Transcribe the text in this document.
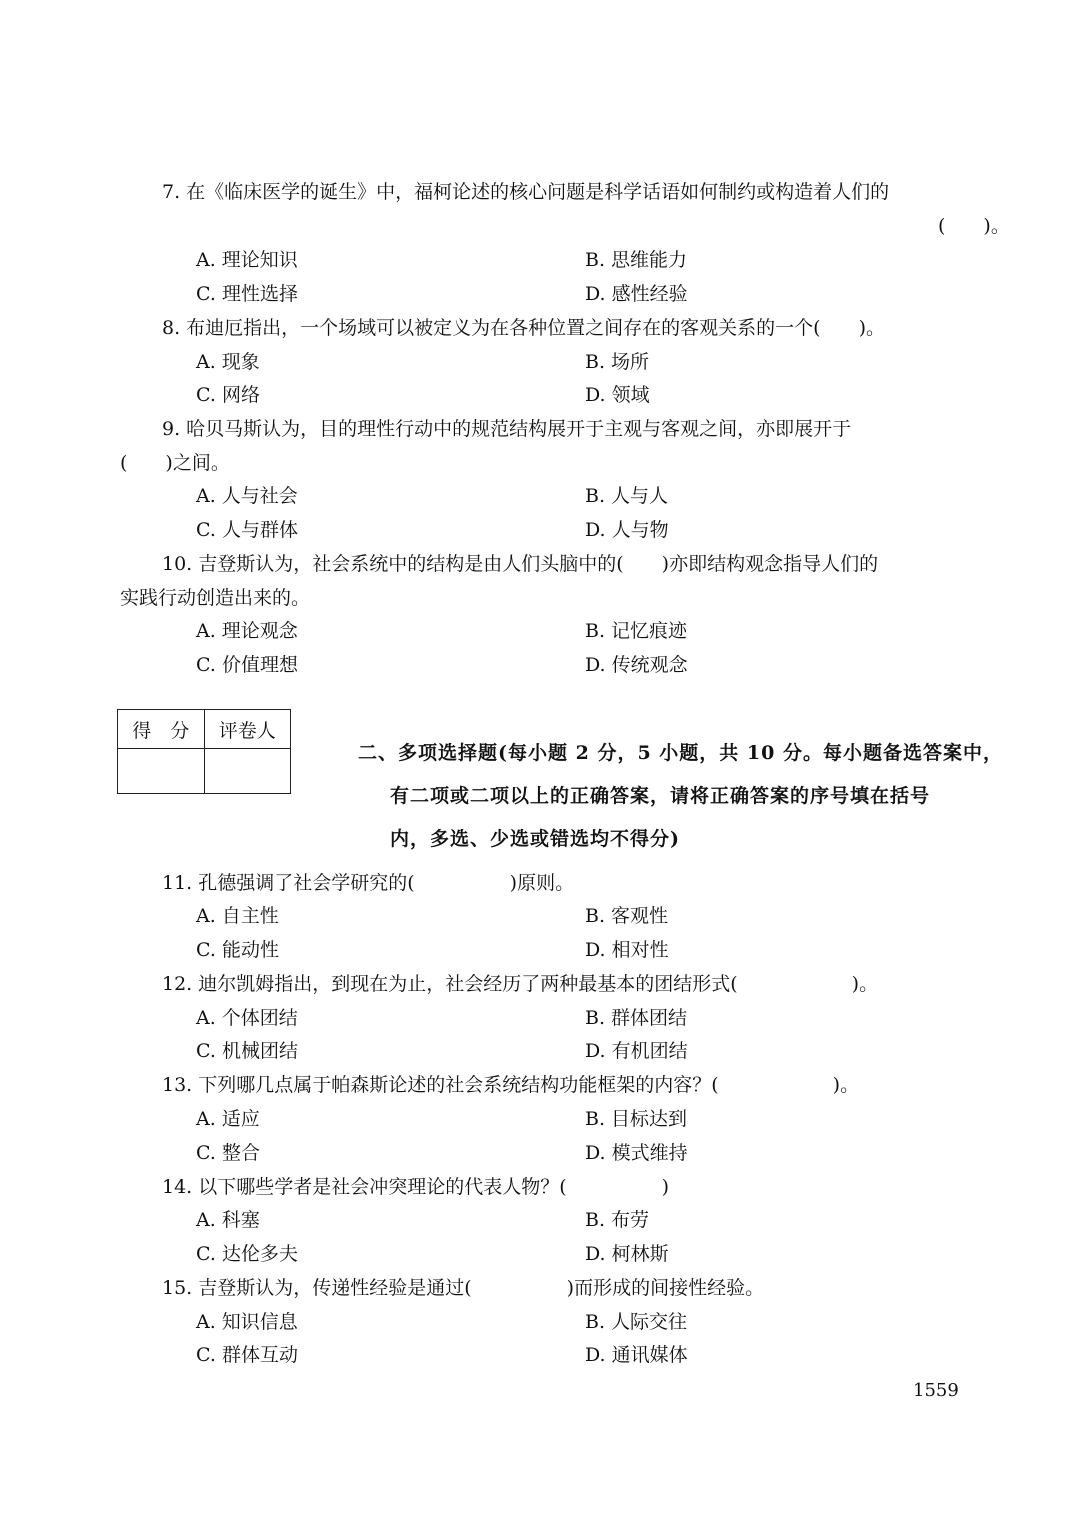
7. 在《临床医学的诞生》中，福柯论述的核心问题是科学话语如何制约或构造着人们的
(　　)。
A. 理论知识	B. 思维能力
C. 理性选择	D. 感性经验
8. 布迪厄指出，一个场域可以被定义为在各种位置之间存在的客观关系的一个(　　)。
A. 现象	B. 场所
C. 网络	D. 领域
9. 哈贝马斯认为，目的理性行动中的规范结构展开于主观与客观之间，亦即展开于
(　　)之间。
A. 人与社会	B. 人与人
C. 人与群体	D. 人与物
10. 吉登斯认为，社会系统中的结构是由人们头脑中的(　　)亦即结构观念指导人们的
实践行动创造出来的。
A. 理论观念	B. 记忆痕迹
C. 价值理想	D. 传统观念
得　分	评卷人

二、多项选择题(每小题 2 分，5 小题，共 10 分。每小题备选答案中，
有二项或二项以上的正确答案，请将正确答案的序号填在括号
内，多选、少选或错选均不得分)
11. 孔德强调了社会学研究的(　　　　　)原则。
A. 自主性	B. 客观性
C. 能动性	D. 相对性
12. 迪尔凯姆指出，到现在为止，社会经历了两种最基本的团结形式(　　　　　　)。
A. 个体团结	B. 群体团结
C. 机械团结	D. 有机团结
13. 下列哪几点属于帕森斯论述的社会系统结构功能框架的内容？(　　　　　　)。
A. 适应	B. 目标达到
C. 整合	D. 模式维持
14. 以下哪些学者是社会冲突理论的代表人物？(　　　　　)
A. 科塞	B. 布劳
C. 达伦多夫	D. 柯林斯
15. 吉登斯认为，传递性经验是通过(　　　　　)而形成的间接性经验。
A. 知识信息	B. 人际交往
C. 群体互动	D. 通讯媒体
1559
